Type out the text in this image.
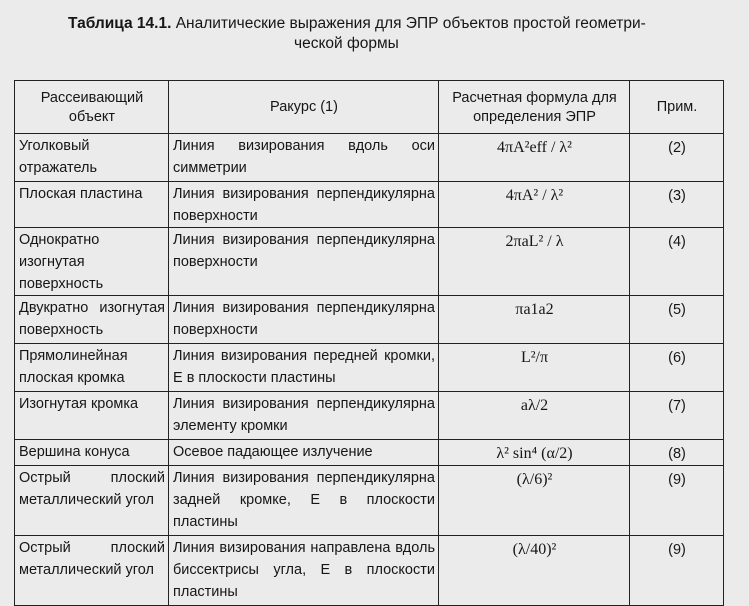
Таблица 14.1. Аналитические выражения для ЭПР объектов простой геометри-
ческой формы
Рассеивающий объект	Ракурс (1)	Расчетная формула для определения ЭПР	Прим.
Уголковый отражатель	Линия визирования вдоль оси симметрии	4πA²eff / λ²	(2)
Плоская пластина	Линия визирования перпендикулярна поверхности	4πA² / λ²	(3)
Однократно изогнутая поверхность	Линия визирования перпендикулярна поверхности	2πaL² / λ	(4)
Двукратно изогнутая поверхность	Линия визирования перпендикулярна поверхности	πa1a2	(5)
Прямолинейная плоская кромка	Линия визирования передней кромки, E в плоскости пластины	L²/π	(6)
Изогнутая кромка	Линия визирования перпендикулярна элементу кромки	aλ/2	(7)
Вершина конуса	Осевое падающее излучение	λ² sin⁴ (α/2)	(8)
Острый плоский металлический угол	Линия визирования перпендикулярна задней кромке, E в плоскости пластины	(λ/6)²	(9)
Острый плоский металлический угол	Линия визирования направлена вдоль биссектрисы угла, E в плоскости пластины	(λ/40)²	(9)
